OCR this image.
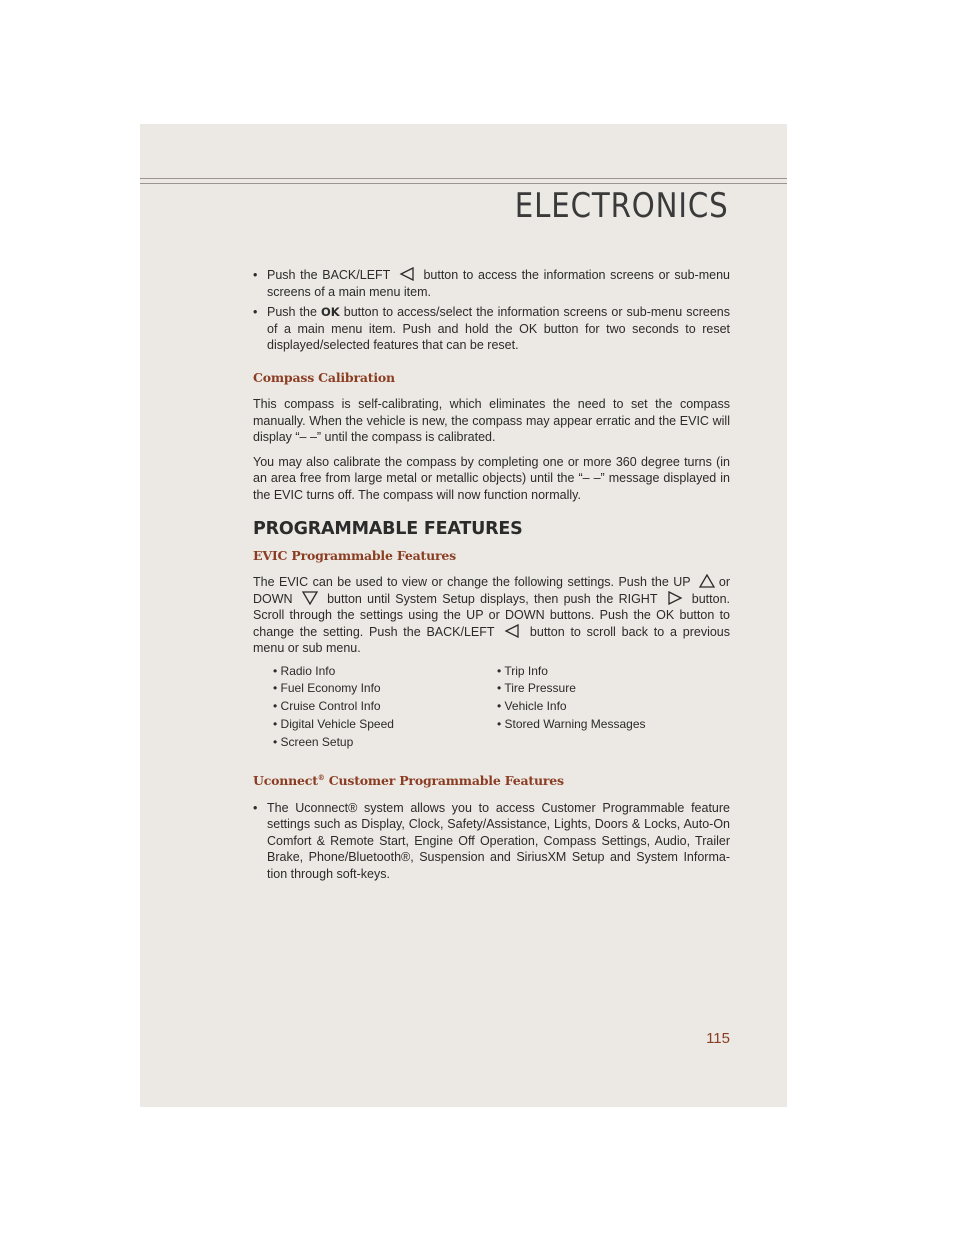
ELECTRONICS

• Push the BACK/LEFT	button to access the information screens or sub-menu screens of a main menu item.

• Push the OK button to access/select the information screens or sub-menu screens of a main menu item. Push and hold the OK button for two seconds to reset displayed/selected features that can be reset.

Compass Calibration

This compass is self-calibrating, which eliminates the need to set the compass manually. When the vehicle is new, the compass may appear erratic and the EVIC will display “– –” until the compass is calibrated.

You may also calibrate the compass by completing one or more 360 degree turns (in an area free from large metal or metallic objects) until the “– –” message displayed in the EVIC turns off. The compass will now function normally.

PROGRAMMABLE FEATURES
EVIC Programmable Features

The EVIC can be used to view or change the following settings. Push the UP or DOWN	button until System Setup displays, then push the RIGHT	button. Scroll through the settings using the UP or DOWN buttons. Push the OK button to change the setting. Push the BACK/LEFT	button to scroll back to a previous menu or sub menu.

• Radio Info
• Fuel Economy Info
• Cruise Control Info
• Digital Vehicle Speed
• Screen Setup
• Trip Info
• Tire Pressure
• Vehicle Info
• Stored Warning Messages
Uconnect® Customer Programmable Features

• The Uconnect® system allows you to access Customer Programmable feature settings such as Display, Clock, Safety/Assistance, Lights, Doors & Locks, Auto-On Comfort & Remote Start, Engine Off Operation, Compass Settings, Audio, Trailer Brake, Phone/Bluetooth®, Suspension and SiriusXM Setup and System Informa-tion through soft-keys.

115
